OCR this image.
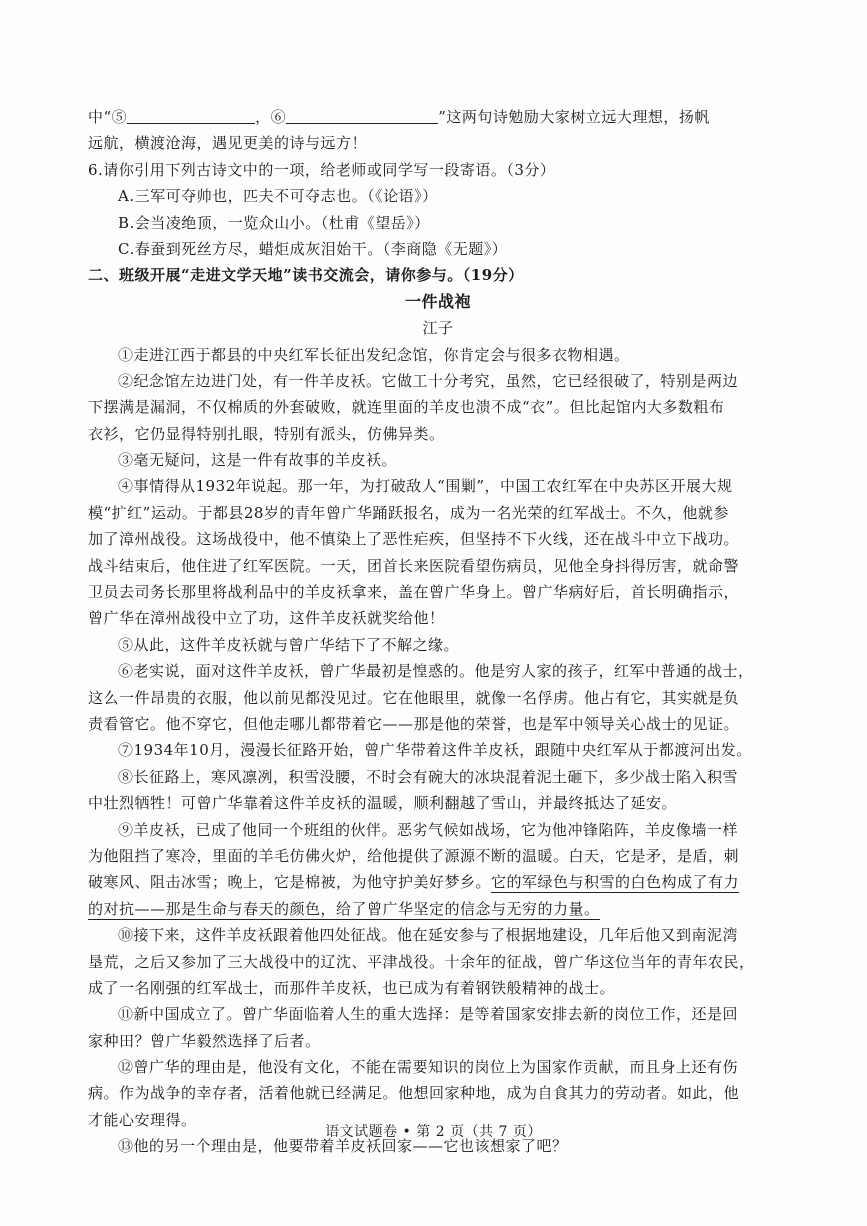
中“⑤	，⑥	”这两句诗勉励大家树立远大理想，扬帆
远航，横渡沧海，遇见更美的诗与远方！
6.请你引用下列古诗文中的一项，给老师或同学写一段寄语。（3分）
A.三军可夺帅也，匹夫不可夺志也。（《论语》）
B.会当凌绝顶，一览众山小。（杜甫《望岳》）
C.春蚕到死丝方尽，蜡炬成灰泪始干。（李商隐《无题》）
二、班级开展“走进文学天地”读书交流会，请你参与。（19分）
一件战袍
江子
①走进江西于都县的中央红军长征出发纪念馆，你肯定会与很多衣物相遇。
②纪念馆左边进门处，有一件羊皮袄。它做工十分考究，虽然，它已经很破了，特别是两边
下摆满是漏洞，不仅棉质的外套破败，就连里面的羊皮也溃不成“衣”。但比起馆内大多数粗布
衣衫，它仍显得特别扎眼，特别有派头，仿佛异类。
③毫无疑问，这是一件有故事的羊皮袄。
④事情得从1932年说起。那一年，为打破敌人“围剿”，中国工农红军在中央苏区开展大规
模“扩红”运动。于都县28岁的青年曾广华踊跃报名，成为一名光荣的红军战士。不久，他就参
加了漳州战役。这场战役中，他不慎染上了恶性疟疾，但坚持不下火线，还在战斗中立下战功。
战斗结束后，他住进了红军医院。一天，团首长来医院看望伤病员，见他全身抖得厉害，就命警
卫员去司务长那里将战利品中的羊皮袄拿来，盖在曾广华身上。曾广华病好后，首长明确指示，
曾广华在漳州战役中立了功，这件羊皮袄就奖给他！
⑤从此，这件羊皮袄就与曾广华结下了不解之缘。
⑥老实说，面对这件羊皮袄，曾广华最初是惶惑的。他是穷人家的孩子，红军中普通的战士，
这么一件昂贵的衣服，他以前见都没见过。它在他眼里，就像一名俘虏。他占有它，其实就是负
责看管它。他不穿它，但他走哪儿都带着它——那是他的荣誉，也是军中领导关心战士的见证。
⑦1934年10月，漫漫长征路开始，曾广华带着这件羊皮袄，跟随中央红军从于都渡河出发。
⑧长征路上，寒风凛冽，积雪没腰，不时会有碗大的冰块混着泥土砸下，多少战士陷入积雪
中壮烈牺牲！可曾广华靠着这件羊皮袄的温暖，顺利翻越了雪山，并最终抵达了延安。
⑨羊皮袄，已成了他同一个班组的伙伴。恶劣气候如战场，它为他冲锋陷阵，羊皮像墙一样
为他阻挡了寒冷，里面的羊毛仿佛火炉，给他提供了源源不断的温暖。白天，它是矛，是盾，刺
破寒风、阻击冰雪；晚上，它是棉被，为他守护美好梦乡。它的军绿色与积雪的白色构成了有力
的对抗——那是生命与春天的颜色，给了曾广华坚定的信念与无穷的力量。
⑩接下来，这件羊皮袄跟着他四处征战。他在延安参与了根据地建设，几年后他又到南泥湾
垦荒，之后又参加了三大战役中的辽沈、平津战役。十余年的征战，曾广华这位当年的青年农民，
成了一名刚强的红军战士，而那件羊皮袄，也已成为有着钢铁般精神的战士。
⑪新中国成立了。曾广华面临着人生的重大选择：是等着国家安排去新的岗位工作，还是回
家种田？曾广华毅然选择了后者。
⑫曾广华的理由是，他没有文化，不能在需要知识的岗位上为国家作贡献，而且身上还有伤
病。作为战争的幸存者，活着他就已经满足。他想回家种地，成为自食其力的劳动者。如此，他
才能心安理得。
⑬他的另一个理由是，他要带着羊皮袄回家——它也该想家了吧？
语文试题卷 • 第 2 页（共 7 页）
